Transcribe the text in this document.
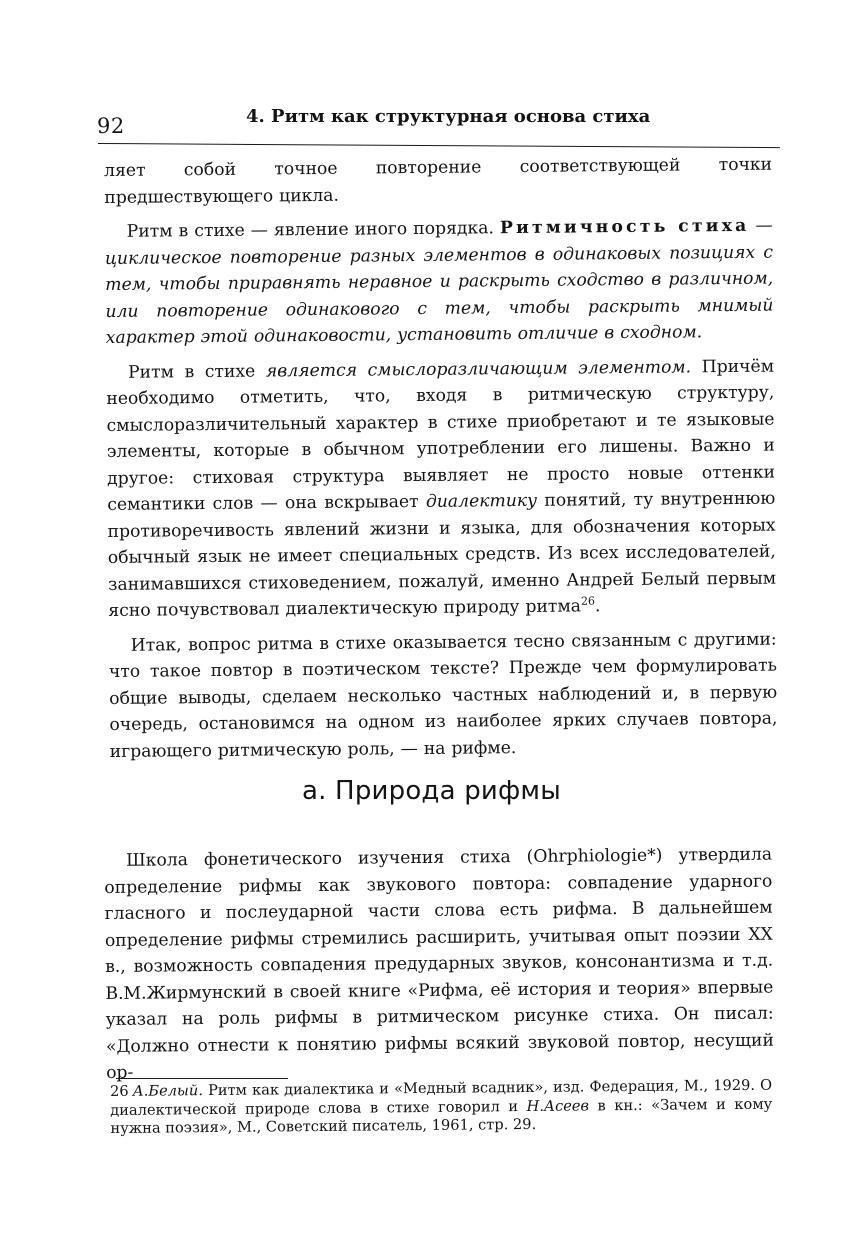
92	4. Ритм как структурная основа стиха

ляет собой точное повторение соответствующей точки предшествующего цикла.

Ритм в стихе — явление иного порядка. Ритмичность стиха — циклическое повторение разных элементов в одинаковых позициях с тем, чтобы приравнять неравное и раскрыть сходство в различном, или повторение одинакового с тем, чтобы раскрыть мнимый характер этой одинаковости, установить отличие в сходном.

Ритм в стихе является смыслоразличающим элементом. Причём необходимо отметить, что, входя в ритмическую структуру, смыслоразличительный характер в стихе приобретают и те языковые элементы, которые в обычном употреблении его лишены. Важно и другое: стиховая структура выявляет не просто новые оттенки семантики слов — она вскрывает диалектику понятий, ту внутреннюю противоречивость явлений жизни и языка, для обозначения которых обычный язык не имеет специальных средств. Из всех исследователей, занимавшихся стиховедением, пожалуй, именно Андрей Белый первым ясно почувствовал диалектическую природу ритма$^{26}$.

Итак, вопрос ритма в стихе оказывается тесно связанным с другими: что такое повтор в поэтическом тексте? Прежде чем формулировать общие выводы, сделаем несколько частных наблюдений и, в первую очередь, остановимся на одном из наиболее ярких случаев повтора, играющего ритмическую роль, — на рифме.

а. Природа рифмы

Школа фонетического изучения стиха (Ohrphiologie*) утвердила определение рифмы как звукового повтора: совпадение ударного гласного и послеударной части слова есть рифма. В дальнейшем определение рифмы стремились расширить, учитывая опыт поэзии XX в., возможность совпадения предударных звуков, консонантизма и т.д. В.М.Жирмунский в своей книге «Рифма, её история и теория» впервые указал на роль рифмы в ритмическом рисунке стиха. Он писал: «Должно отнести к понятию рифмы всякий звуковой повтор, несущий ор-

26 А.Белый. Ритм как диалектика и «Медный всадник», изд. Федерация, М., 1929. О диалектической природе слова в стихе говорил и Н.Асеев в кн.: «Зачем и кому нужна поэзия», М., Советский писатель, 1961, стр. 29.
